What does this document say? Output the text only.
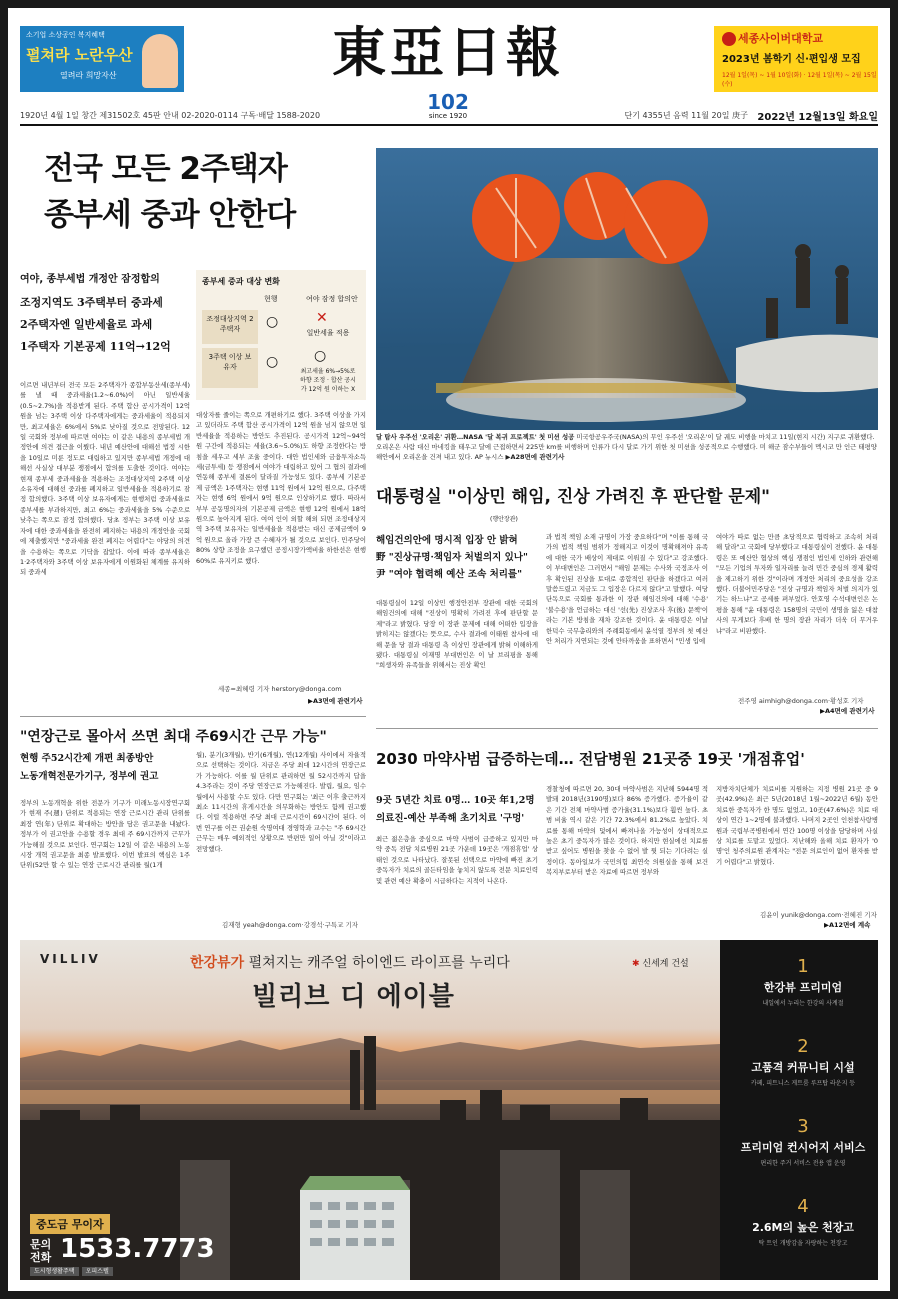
소기업 소상공인 복지혜택
펼쳐라 노란우산
열려라 희망자산	東亞日報
102
since 1920
세종사이버대학교
2023년 봄학기 신·편입생 모집
12월 1일(목) ~ 1월 10일(화) · 12월 1일(목) ~ 2월 15일(수)
1920년 4월 1일 창간 제31502호 45판 안내 02-2020-0114 구독·배달 1588-2020	단기 4355년 음력 11월 20일 庚子 2022년 12월13일 화요일
전국 모든 2주택자
종부세 중과 안한다
여야, 종부세법 개정안 잠정합의
조정지역도 3주택부터 중과세
2주택자엔 일반세율로 과세
1주택자 기본공제 11억→12억
종부세 중과 대상 변화
현행	여야 잠정 합의안
조정대상지역 2주택자	○	✕
일반세율 적용
3주택 이상 보유자	○	○
최고세율 6%→5%로 하향 조정 · 합산 공시가 12억 원 이하는 X
이르면 내년부터 전국 모든 2주택자가 종합부동산세(종부세)를 낼 때 중과세율(1.2∼6.0%)이 아닌 일반세율(0.5∼2.7%)을 적용받게 된다. 주택 합산 공시가격이 12억 원을 넘는 3주택 이상 다주택자에게는 중과세율이 적용되지만, 최고세율은 6%에서 5%로 낮아질 것으로 전망된다. 12일 국회와 정부에 따르면 여야는 이 같은 내용의 종부세법 개정안에 의견 접근을 이뤘다. 내년 예산안에 대해선 법정 시한을 10일로 미룬 정도로 대립하고 있지만 종부세법 개정에 대해선 사실상 대부분 쟁점에서 합의를 도출한 것이다. 여야는 현재 종부세 중과세율을 적용하는 조정대상지역 2주택 이상 소유자에 대해선 중과를 폐지하고 일반세율을 적용하기로 잠정 합의했다. 3주택 이상 보유자에게는 현행처럼 중과세율로 종부세를 부과하지만, 최고 6%는 중과세율을 5% 수준으로 낮추는 쪽으로 잠정 합의했다. 당초 정부는 3주택 이상 보유자에 대한 중과세율을 완전히 폐지하는 내용의 개정안을 국회에 제출했지만 "중과세율 완전 폐지는 어렵다"는 야당의 의견을 수용하는 쪽으로 기닥을 잡았다. 이에 따라 종부세율은 1·2주택자와 3주택 이상 보유자에게 이원화된 체계를 유지하되 중과세
대상자를 줄이는 쪽으로 개편하기로 했다. 3주택 이상을 가지고 있더라도 주택 합산 공시가격이 12억 원을 넘지 않으면 일반세율을 적용하는 방안도 추진된다. 공시가격 12억∼94억 원 구간에 적용되는 세율(3.6∼5.0%)도 하향 조정한다는 방침을 세우고 세부 조율 중이다. 대안 법인세와 금융투자소득세(금투세) 등 쟁점에서 여야가 대립하고 있어 그 협의 결과에 연동해 종부세 결론이 달라질 가능성도 있다. 종부세 기본공제 금액은 1주택자는 현행 11억 원에서 12억 원으로, 다주택자는 현행 6억 원에서 9억 원으로 인상하기로 했다. 따라서 부부 공동명의자의 기본공제 금액은 현행 12억 원에서 18억 원으로 높아지게 된다. 여여 인이 외할 해외 되면 조정대상지역 3주택 보유자는 일반세율을 적용받는 대신 공제금액이 9억 원으로 올라 가장 큰 수혜자가 될 것으로 보인다. 민주당이 80% 상향 조정을 요구했던 공정시장가액비율 하한선은 현행 60%로 유지키로 했다.
세종=최혜령 기자 herstory@donga.com
▶A3면에 관련기사
달 탐사 우주선 '오리온' 귀환…NASA '달 복귀 프로젝트' 첫 미션 성공 미국항공우주국(NASA)의 무인 우주선 '오리온'이 달 궤도 비행을 마치고 11일(현지 시간) 지구로 귀환했다. 오리온은 사람 대신 마네킹을 태우고 달에 근접하면서 225만 km를 비행하며 인류가 다시 달로 가기 위한 첫 미션을 성공적으로 수행했다. 미 해군 잠수부들이 멕시코 만 인근 태평양 해안에서 오리온을 건져 내고 있다. AP 뉴시스 ▶A28면에 관련기사
대통령실 "이상민 해임, 진상 가려진 후 판단할 문제"
(행안장관)
해임건의안에 명시적 입장 안 밝혀
野 "진상규명·책임자 처벌의지 있나"
尹 "여야 협력해 예산 조속 처리를"
대통령실이 12일 이상민 행정안전부 장관에 대한 국회의 해임건의에 대해 "진상이 명확히 가려진 후에 판단할 문제"라고 밝혔다. 당장 이 장관 문제에 대해 어떠한 입장을 밝히지는 않겠다는 뜻으로, 수사 결과에 이태원 참사에 대해 문을 당 결과 대통령 측 이상민 장관에게 밝혀 이해하게 됐다. 대통령실 이재명 부대변인은 이 날 브리핑을 통해 "희생자와 유족들을 위해서는 진상 확인
과 법적 책임 소재 규명이 가장 중요하다"며 "이를 통해 국가의 법적 책임 범위가 정해지고 이것이 명확해져야 유족에 대한 국가 배상이 제대로 이뤄질 수 있다"고 강조했다. 이 부대변인은 그러면서 "해임 문제는 수사와 국정조사 이후 확인된 진상을 토대로 종합적인 판단을 하겠다고 여러 말씀드렸고 지금도 그 입장은 다르지 않다"고 말했다. 여당 단독으로 국회를 통과한 이 장관 해임건의에 대해 '수용' '불수용'을 언급하는 대신 '선(先) 진상조사 후(後) 문책'이라는 기본 방침을 재차 강조한 것이다. 윤 대통령은 이날 한덕수 국무총리와의 주례회동에서 윤석열 정부의 첫 예산안 처리가 지연되는 것에 안타까움을 표하면서 "민생 입에
여야가 따로 없는 만큼 초당적으로 협력하고 조속히 처리해 달라"고 국회에 당부했다고 대통령실이 전했다. 윤 대통령은 또 예산안 협상의 핵심 쟁점인 법인세 인하와 관련해 "모든 기업의 투자와 일자리를 늘려 민간 중심의 경제 활력을 제고하기 위한 것"이라며 개정안 처리의 중요성을 강조했다. 더불어민주당은 "진상 규명과 책임자 처벌 의지가 있기는 하느냐"고 공세를 펴부었다. 안호영 수석대변인은 논평을 통해 "윤 대통령은 158명의 국민이 생명을 잃은 대참사의 무게보다 후배 한 명의 장관 자리가 더욱 더 무거우냐"라고 비판했다.
전주영 aimhigh@donga.com·황성호 기자
▶A4면에 관련기사
"연장근로 몰아서 쓰면 최대 주69시간 근무 가능"
현행 주52시간제 개편 최종방안
노동개혁전문가기구, 정부에 권고
정부의 노동개혁을 위한 전문가 기구가 미래노동시장연구회가 현재 주(週) 단위로 적용되는 연장 근로시간 관리 단위를 최장 연(年) 단위로 확대하는 방안을 담은 권고문을 내놨다. 정부가 이 권고안을 수용할 경우 최대 주 69시간까지 근무가 가능해질 것으로 보인다. 연구회는 12일 이 같은 내용의 노동시장 개혁 권고문을 최종 발표했다. 이번 발표의 핵심은 1주 단위(52만 할 수 있는 연장 근로시간 관리를 월(1개
월), 분기(3개월), 반기(6개월), 연(12개월) 사이에서 자율적으로 선택하는 것이다. 지금은 주당 최대 12시간의 연장근로가 가능하다. 이를 월 단위로 관리하면 월 52시간까지 답을 4.3주라는 것이 주당 연장근로 가능해진다. 발립, 월요, 임수 월에서 사용할 수도 있다. 다만 연구회는 '최근 이후 출근까지 최소 11시간의 휴게시간을 의무화하는 방안도 함께 권고했다. 이럴 적용하면 주당 최대 근로시간이 69시간이 된다. 이번 연구를 이끈 권순원 숙명여대 경영학과 교수는 "주 69시간 근무는 매우 예외적인 상황으로 반편만 일어 아닐 것"이라고 전망했다.
김재형 yeah@donga.com·강경석·구특교 기자
2030 마약사범 급증하는데… 전담병원 21곳중 19곳 '개점휴업'
9곳 5년간 치료 0명… 10곳 年1,2명
의료진-예산 부족해 초기치료 '구멍'
최근 젊은층을 중심으로 마약 사범이 급증하고 있지만 마약 중독 전담 치료병원 21곳 가운데 19곳은 '개점휴업' 상태인 것으로 나타났다. 잘못된 선택으로 마약에 빠진 초기 중독자가 치료의 골든타임을 놓치지 않도록 전문 치료인력 및 관련 예산 확충이 시급하다는 지적이 나온다.
경찰청에 따르면 20, 30대 마약사범은 지난해 5944명 적발돼 2018년(3190명)보다 86% 증가했다. 증가율이 같은 기간 전체 마약사범 증가율(31.1%)보다 훨씬 높다. 초범 비율 역시 같은 기간 72.3%에서 81.2%로 높았다. 치료를 통해 마약의 덫에서 빠져나올 가능성이 상대적으로 높은 초기 중독자가 많은 것이다. 하지만 현실에선 치료를 받고 싶어도 병원을 찾을 수 없어 발 뒷 되는 기다려는 실정이다. 동아일보가 국민의힘 최연숙 의원실을 통해 보건복지부로부터 받은 자료에 따르면 정부와
지방자치단체가 치료비를 지원하는 지정 병원 21곳 중 9곳(42.9%)은 최근 5년(2018년 1월∼2022년 6월) 동안 치료한 중독자가 한 명도 없었고, 10곳(47.6%)은 치료 대상이 연간 1∼2명에 불과했다. 나머지 2곳인 인천참사랑병원과 국립부곡병원에서 연간 100명 이상을 담당하며 사실상 치료를 도맡고 있었다. 지난해와 올해 치료 환자가 '0명'인 청주의료원 관계자는 "전문 의료인이 없어 환자를 받기 어렵다"고 밝혔다.
김윤이 yunik@donga.com·전혜진 기자
▶A12면에 계속
VILLIV	한강뷰가 펼쳐지는 캐주얼 하이엔드 라이프를 누리다
빌리브 디 에이블
✱ 신세계 건설
중도금 무이자
문의 전화 1533.7773
도시형생활주택 오피스텔
1
한강뷰 프리미엄
내일에서 누리는 한강의 사계절
2
고품격 커뮤니티 시설
카페, 피트니스 게트룸 루프탑 라운지 등
3
프리미엄 컨시어지 서비스
편리한 주거 서비스 전용 앱 운영
4
2.6M의 높은 천장고
탁 트인 개방감을 자랑하는 천장고
